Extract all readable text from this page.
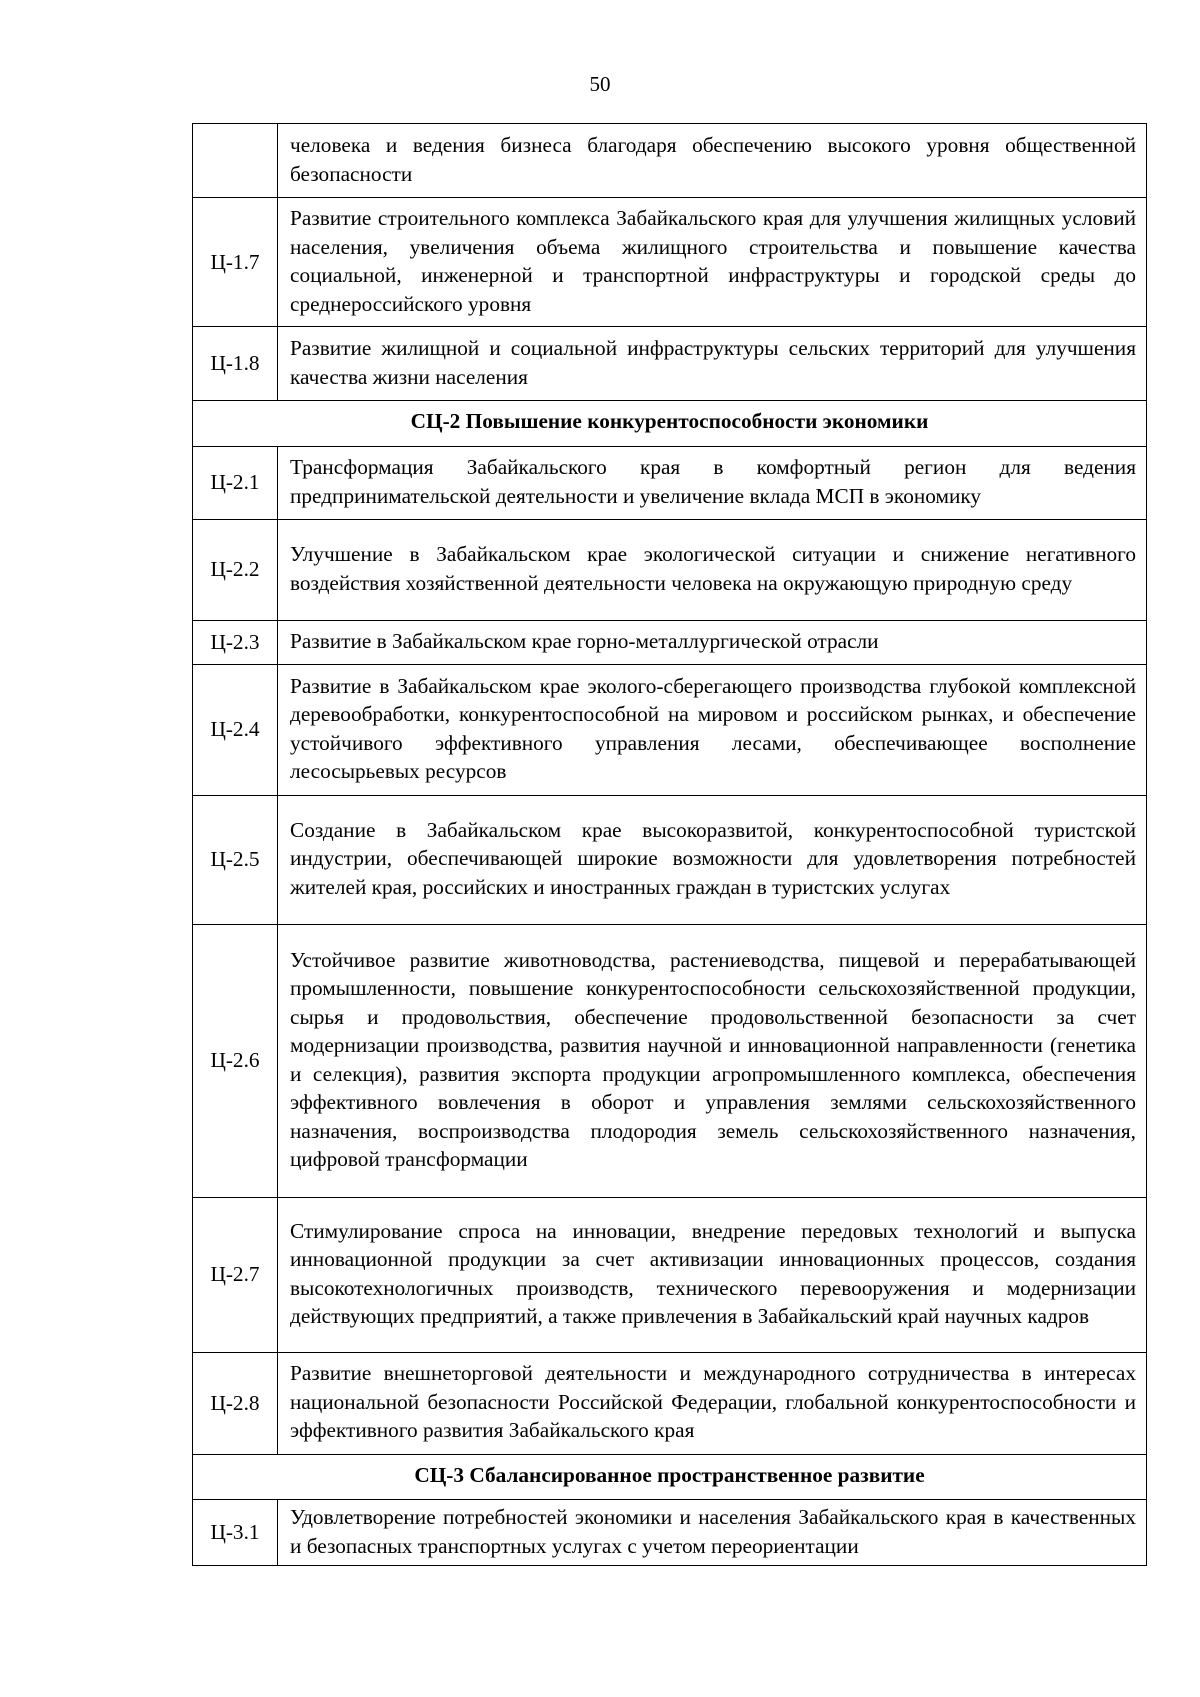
50
	человека и ведения бизнеса благодаря обеспечению высокого уровня общественной безопасности
Ц-1.7	Развитие строительного комплекса Забайкальского края для улучшения жилищных условий населения, увеличения объема жилищного строительства и повышение качества социальной, инженерной и транспортной инфраструктуры и городской среды до среднероссийского уровня
Ц-1.8	Развитие жилищной и социальной инфраструктуры сельских территорий для улучшения качества жизни населения
СЦ-2 Повышение конкурентоспособности экономики	
Ц-2.1	Трансформация Забайкальского края в комфортный регион для ведения предпринимательской деятельности и увеличение вклада МСП в экономику
Ц-2.2	Улучшение в Забайкальском крае экологической ситуации и снижение негативного воздейcтвия хозяйственной деятельности человека на окружающую природную среду
Ц-2.3	Развитие в Забайкальском крае горно-металлургической отрасли
Ц-2.4	Развитие в Забайкальском крае эколого-сберегающего производства глубокой комплексной деревообработки, конкурентоспособной на мировом и российском рынках, и обеспечение устойчивого эффективного управления лесами, обеспечивающее восполнение лесосырьевых ресурсов
Ц-2.5	Создание в Забайкальском крае высокоразвитой, конкурентоспособной туристской индустрии, обеспечивающей широкие возможности для удовлетворения потребностей жителей края, российских и иностранных граждан в туристских услугах
Ц-2.6	Устойчивое развитие животноводства, растениеводства, пищевой и перерабатывающей промышленности, повышение конкурентоспособности сельскохозяйственной продукции, сырья и продовольствия, обеспечение продовольственной безопасности за счет модернизации производства, развития научной и инновационной направленности (генетика и селекция), развития экспорта продукции агропромышленного комплекса, обеспечения эффективного вовлечения в оборот и управления землями сельскохозяйственного назначения, воспроизводства плодородия земель сельскохозяйственного назначения, цифровой трансформации
Ц-2.7	Стимулирование спроса на инновации, внедрение передовых технологий и выпуска инновационной продукции за счет активизации инновационных процессов, создания высокотехнологичных производств, технического перевооружения и модернизации действующих предприятий, а также привлечения в Забайкальский край научных кадров
Ц-2.8	Развитие внешнеторговой деятельности и международного сотрудничества в интересах национальной безопасности Российской Федерации, глобальной конкурентоспособности и эффективного развития Забайкальского края
СЦ-3 Сбалансированное пространственное развитие	
Ц-3.1	Удовлетворение потребностей экономики и населения Забайкальского края в качественных и безопасных транспортных услугах с учетом переориентации
